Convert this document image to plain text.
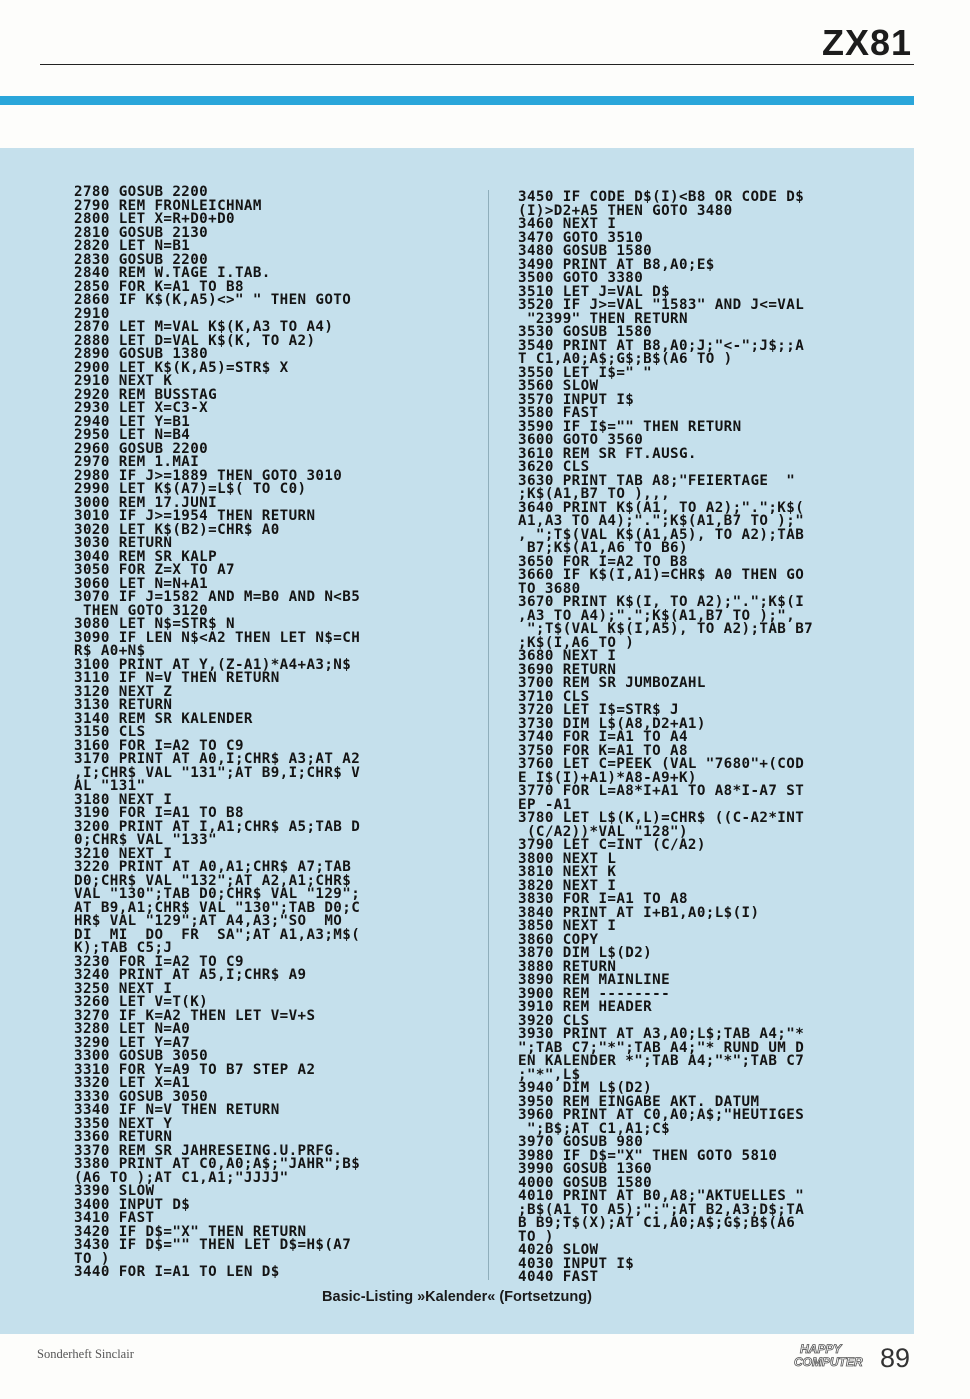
ZX81
2780 GOSUB 2200
2790 REM FRONLEICHNAM
2800 LET X=R+D0+D0
2810 GOSUB 2130
2820 LET N=B1
2830 GOSUB 2200
2840 REM W.TAGE I.TAB.
2850 FOR K=A1 TO B8
2860 IF K$(K,A5)<>" " THEN GOTO
2910
2870 LET M=VAL K$(K,A3 TO A4)
2880 LET D=VAL K$(K, TO A2)
2890 GOSUB 1380
2900 LET K$(K,A5)=STR$ X
2910 NEXT K
2920 REM BUSSTAG
2930 LET X=C3-X
2940 LET Y=B1
2950 LET N=B4
2960 GOSUB 2200
2970 REM 1.MAI
2980 IF J>=1889 THEN GOTO 3010
2990 LET K$(A7)=L$( TO C0)
3000 REM 17.JUNI
3010 IF J>=1954 THEN RETURN
3020 LET K$(B2)=CHR$ A0
3030 RETURN
3040 REM SR KALP
3050 FOR Z=X TO A7
3060 LET N=N+A1
3070 IF J=1582 AND M=B0 AND N<B5
THEN GOTO 3120
3080 LET N$=STR$ N
3090 IF LEN N$<A2 THEN LET N$=CH
R$ A0+N$
3100 PRINT AT Y,(Z-A1)*A4+A3;N$
3110 IF N=V THEN RETURN
3120 NEXT Z
3130 RETURN
3140 REM SR KALENDER
3150 CLS
3160 FOR I=A2 TO C9
3170 PRINT AT A0,I;CHR$ A3;AT A2
,I;CHR$ VAL "131";AT B9,I;CHR$ V
AL "131"
3180 NEXT I
3190 FOR I=A1 TO B8
3200 PRINT AT I,A1;CHR$ A5;TAB D
0;CHR$ VAL "133"
3210 NEXT I
3220 PRINT AT A0,A1;CHR$ A7;TAB
D0;CHR$ VAL "132";AT A2,A1;CHR$
VAL "130";TAB D0;CHR$ VAL "129";
AT B9,A1;CHR$ VAL "130";TAB D0;C
HR$ VAL "129";AT A4,A3;"SO  MO
DI  MI  DO  FR  SA";AT A1,A3;M$(
K);TAB C5;J
3230 FOR I=A2 TO C9
3240 PRINT AT A5,I;CHR$ A9
3250 NEXT I
3260 LET V=T(K)
3270 IF K=A2 THEN LET V=V+S
3280 LET N=A0
3290 LET Y=A7
3300 GOSUB 3050
3310 FOR Y=A9 TO B7 STEP A2
3320 LET X=A1
3330 GOSUB 3050
3340 IF N=V THEN RETURN
3350 NEXT Y
3360 RETURN
3370 REM SR JAHRESEING.U.PRFG.
3380 PRINT AT C0,A0;A$;"JAHR";B$
(A6 TO );AT C1,A1;"JJJJ"
3390 SLOW
3400 INPUT D$
3410 FAST
3420 IF D$="X" THEN RETURN
3430 IF D$="" THEN LET D$=H$(A7
TO )
3440 FOR I=A1 TO LEN D$
3450 IF CODE D$(I)<B8 OR CODE D$
(I)>D2+A5 THEN GOTO 3480
3460 NEXT I
3470 GOTO 3510
3480 GOSUB 1580
3490 PRINT AT B8,A0;E$
3500 GOTO 3380
3510 LET J=VAL D$
3520 IF J>=VAL "1583" AND J<=VAL
"2399" THEN RETURN
3530 GOSUB 1580
3540 PRINT AT B8,A0;J;"<-";J$;;A
T C1,A0;A$;G$;B$(A6 TO )
3550 LET I$=" "
3560 SLOW
3570 INPUT I$
3580 FAST
3590 IF I$="" THEN RETURN
3600 GOTO 3560
3610 REM SR FT.AUSG.
3620 CLS
3630 PRINT TAB A8;"FEIERTAGE  "
;K$(A1,B7 TO ),,,
3640 PRINT K$(A1, TO A2);".";K$(
A1,A3 TO A4);".";K$(A1,B7 TO );"
, ";T$(VAL K$(A1,A5), TO A2);TAB
B7;K$(A1,A6 TO B6)
3650 FOR I=A2 TO B8
3660 IF K$(I,A1)=CHR$ A0 THEN GO
TO 3680
3670 PRINT K$(I, TO A2);".";K$(I
,A3 TO A4);".";K$(A1,B7 TO );",
";T$(VAL K$(I,A5), TO A2);TAB B7
;K$(I,A6 TO )
3680 NEXT I
3690 RETURN
3700 REM SR JUMBOZAHL
3710 CLS
3720 LET I$=STR$ J
3730 DIM L$(A8,D2+A1)
3740 FOR I=A1 TO A4
3750 FOR K=A1 TO A8
3760 LET C=PEEK (VAL "7680"+(COD
E I$(I)+A1)*A8-A9+K)
3770 FOR L=A8*I+A1 TO A8*I-A7 ST
EP -A1
3780 LET L$(K,L)=CHR$ ((C-A2*INT
(C/A2))*VAL "128")
3790 LET C=INT (C/A2)
3800 NEXT L
3810 NEXT K
3820 NEXT I
3830 FOR I=A1 TO A8
3840 PRINT AT I+B1,A0;L$(I)
3850 NEXT I
3860 COPY
3870 DIM L$(D2)
3880 RETURN
3890 REM MAINLINE
3900 REM --------
3910 REM HEADER
3920 CLS
3930 PRINT AT A3,A0;L$;TAB A4;"*
";TAB C7;"*";TAB A4;"* RUND UM D
EN KALENDER *";TAB A4;"*";TAB C7
;"*",L$
3940 DIM L$(D2)
3950 REM EINGABE AKT. DATUM
3960 PRINT AT C0,A0;A$;"HEUTIGES
";B$;AT C1,A1;C$
3970 GOSUB 980
3980 IF D$="X" THEN GOTO 5810
3990 GOSUB 1360
4000 GOSUB 1580
4010 PRINT AT B0,A8;"AKTUELLES "
;B$(A1 TO A5);":";AT B2,A3;D$;TA
B B9;T$(X);AT C1,A0;A$;G$;B$(A6
TO )
4020 SLOW
4030 INPUT I$
4040 FAST
Basic-Listing »Kalender« (Fortsetzung)
Sonderheft Sinclair	HAPPY
COMPUTER 89
